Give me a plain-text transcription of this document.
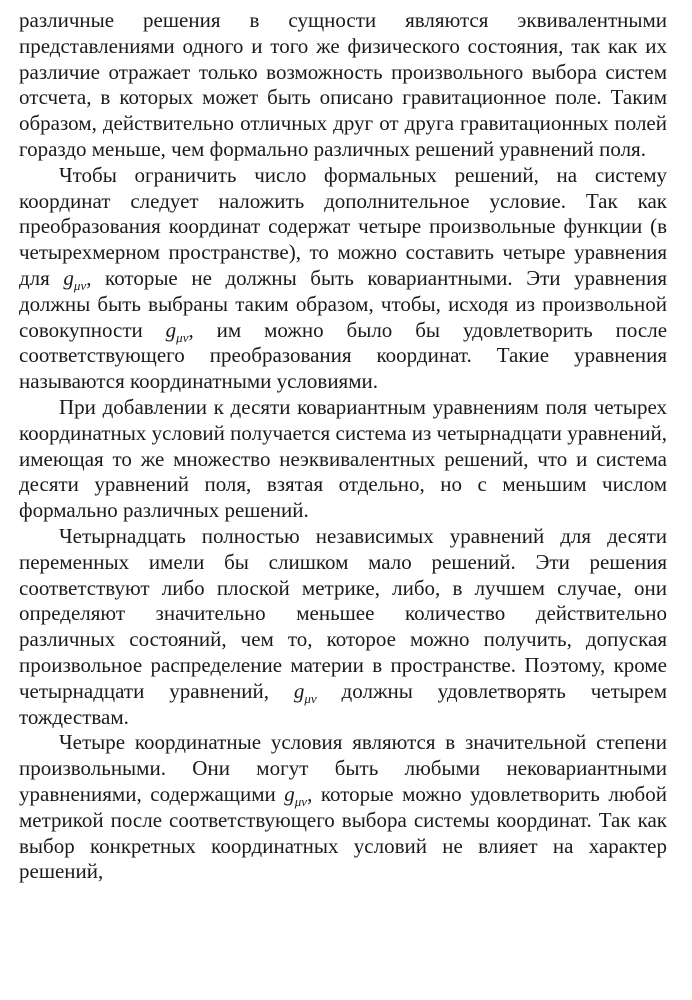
различные решения в сущности являются эквивалентными представлениями одного и того же физического состояния, так как их различие отражает только возможность произвольного выбора систем отсчета, в которых может быть описано гравитационное поле. Таким образом, действительно отличных друг от друга гравитационных полей гораздо меньше, чем формально различных решений уравнений поля.

Чтобы ограничить число формальных решений, на систему координат следует наложить дополнительное условие. Так как преобразования координат содержат четыре произвольные функции (в четырехмерном пространстве), то можно составить четыре уравнения для $g_{\mu\nu}$, которые не должны быть ковариантными. Эти уравнения должны быть выбраны таким образом, чтобы, исходя из произвольной совокупности $g_{\mu\nu}$, им можно было бы удовлетворить после соответствующего преобразования координат. Такие уравнения называются координатными условиями.

При добавлении к десяти ковариантным уравнениям поля четырех координатных условий получается система из четырнадцати уравнений, имеющая то же множество неэквивалентных решений, что и система десяти уравнений поля, взятая отдельно, но с меньшим числом формально различных решений.

Четырнадцать полностью независимых уравнений для десяти переменных имели бы слишком мало решений. Эти решения соответствуют либо плоской метрике, либо, в лучшем случае, они определяют значительно меньшее количество действительно различных состояний, чем то, которое можно получить, допуская произвольное распределение материи в пространстве. Поэтому, кроме четырнадцати уравнений, $g_{\mu\nu}$ должны удовлетворять четырем тождествам.

Четыре координатные условия являются в значительной степени произвольными. Они могут быть любыми нековариантными уравнениями, содержащими $g_{\mu\nu}$, которые можно удовлетворить любой метрикой после соответствующего выбора системы координат. Так как выбор конкретных координатных условий не влияет на характер решений,
